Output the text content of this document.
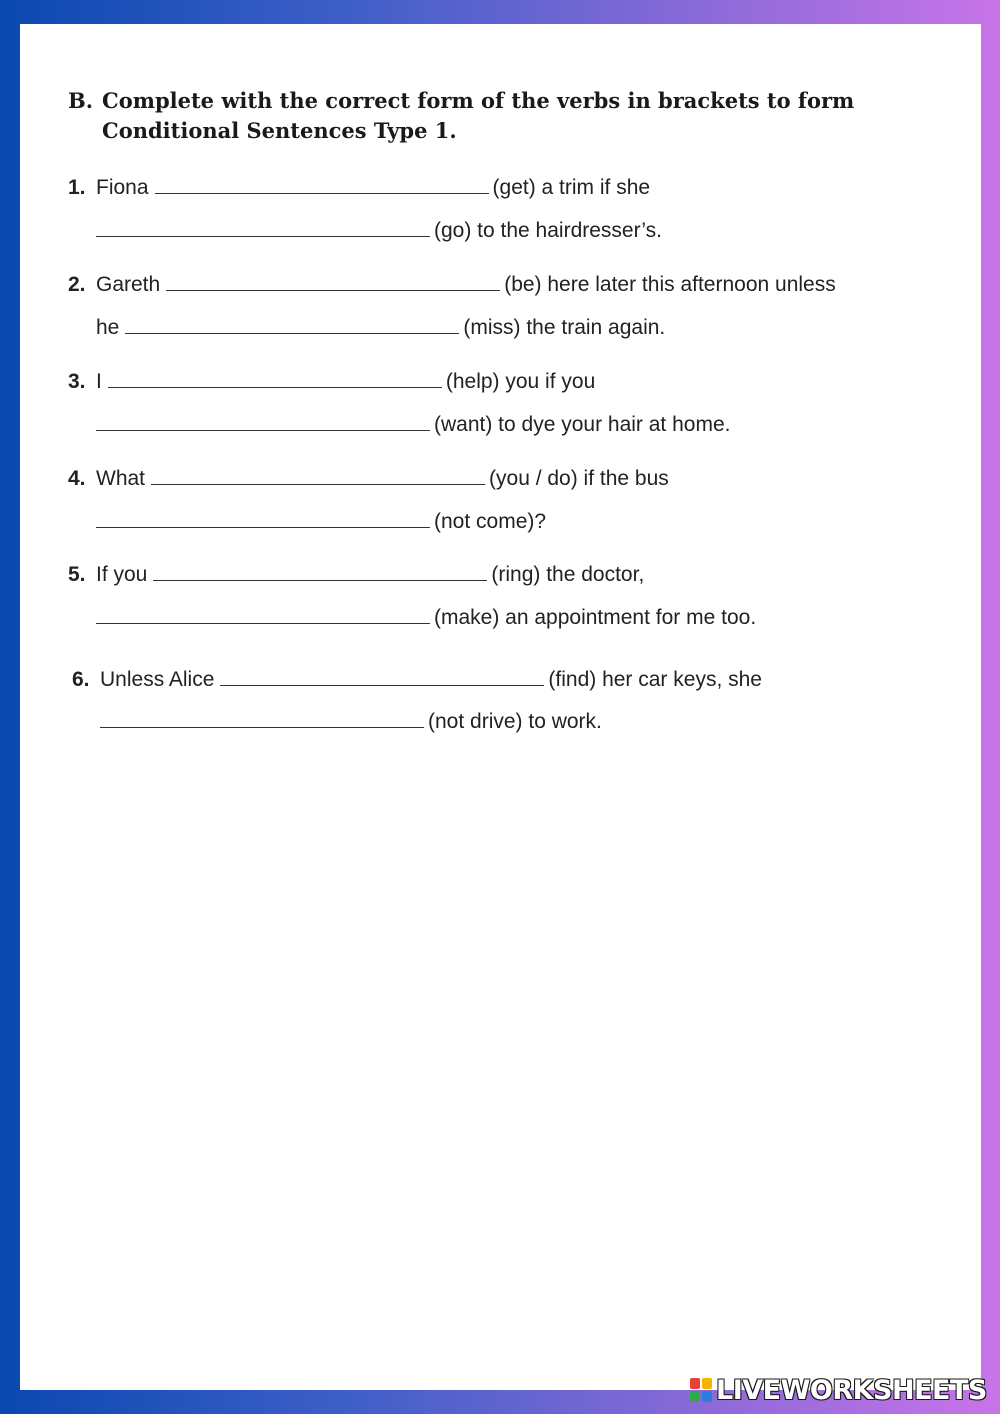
B. Complete with the correct form of the verbs in brackets to form
Conditional Sentences Type 1.
1. Fiona	(get) a trim if she
(go) to the hairdresser’s.
2. Gareth	(be) here later this afternoon unless
he	(miss) the train again.
3. I	(help) you if you
(want) to dye your hair at home.
4. What	(you / do) if the bus
(not come)?
5. If you	(ring) the doctor,
(make) an appointment for me too.
6. Unless Alice	(find) her car keys, she
(not drive) to work.
LIVEWORKSHEETS
